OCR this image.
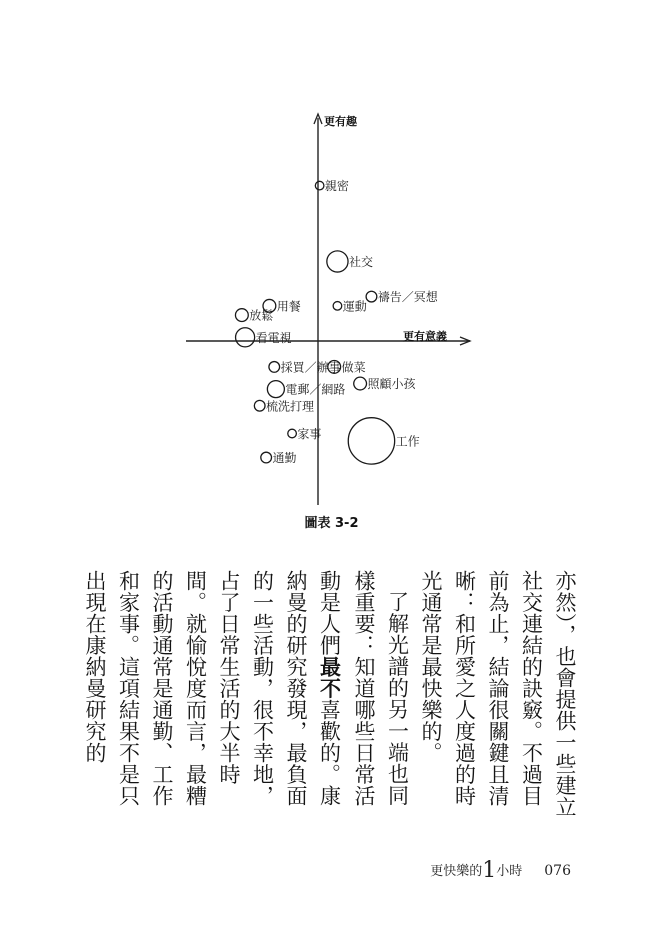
更有趣
更有意義
親密
社交
禱告／冥想
運動
用餐
放鬆
看電視
採買／辦事 做菜
照顧小孩
電郵／網路
梳洗打理
家事
通勤
工作
圖表 3-2

亦然），也會提供一些建立社交連結的訣竅。不過目前為止，結論很關鍵且清晰：和所愛之人度過的時光通常是最快樂的。

了解光譜的另一端也同樣重要：知道哪些日常活動是人們最不喜歡的。康納曼的研究發現，最負面的一些活動，很不幸地，占了日常生活的大半時間。就愉悅度而言，最糟的活動通常是通勤、工作和家事。這項結果不是只出現在康納曼研究的

更快樂的1小時 076
